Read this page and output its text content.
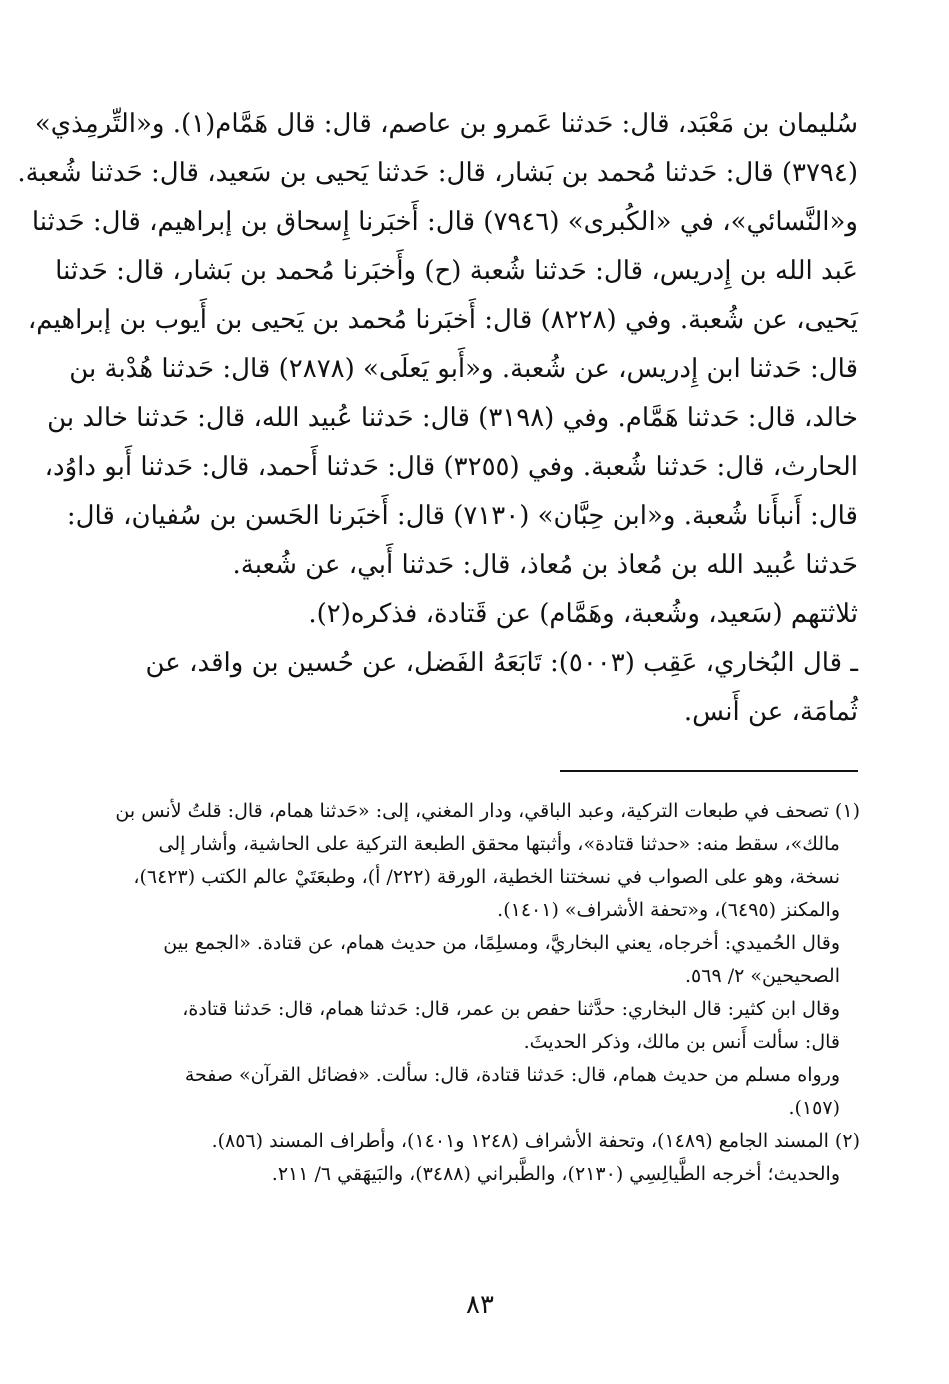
سُليمان بن مَعْبَد، قال: حَدثنا عَمرو بن عاصم، قال: قال هَمَّام(١). و«التِّرمِذي»
(٣٧٩٤) قال: حَدثنا مُحمد بن بَشار، قال: حَدثنا يَحيى بن سَعيد، قال: حَدثنا شُعبة.
و«النَّسائي»، في «الكُبرى» (٧٩٤٦) قال: أَخبَرنا إِسحاق بن إبراهيم، قال: حَدثنا
عَبد الله بن إِدريس، قال: حَدثنا شُعبة (ح) وأَخبَرنا مُحمد بن بَشار، قال: حَدثنا
يَحيى، عن شُعبة. وفي (٨٢٢٨) قال: أَخبَرنا مُحمد بن يَحيى بن أَيوب بن إبراهيم،
قال: حَدثنا ابن إِدريس، عن شُعبة. و«أَبو يَعلَى» (٢٨٧٨) قال: حَدثنا هُدْبة بن
خالد، قال: حَدثنا هَمَّام. وفي (٣١٩٨) قال: حَدثنا عُبيد الله، قال: حَدثنا خالد بن
الحارث، قال: حَدثنا شُعبة. وفي (٣٢٥٥) قال: حَدثنا أَحمد، قال: حَدثنا أَبو داوُد،
قال: أَنبأَنا شُعبة. و«ابن حِبَّان» (٧١٣٠) قال: أَخبَرنا الحَسن بن سُفيان، قال:
حَدثنا عُبيد الله بن مُعاذ بن مُعاذ، قال: حَدثنا أَبي، عن شُعبة.
ثلاثتهم (سَعيد، وشُعبة، وهَمَّام) عن قَتادة، فذكره(٢).
ـ قال البُخاري، عَقِب (٥٠٠٣): تَابَعَهُ الفَضل، عن حُسين بن واقد، عن
ثُمامَة، عن أَنس.
(١) تصحف في طبعات التركية، وعبد الباقي، ودار المغني، إلى: «حَدثنا همام، قال: قلتُ لأنس بن
مالك»، سقط منه: «حدثنا قتادة»، وأثبتها محقق الطبعة التركية على الحاشية، وأشار إلى
نسخة، وهو على الصواب في نسختنا الخطية، الورقة (٢٢٢/ أ)، وطبعَتَيْ عالم الكتب (٦٤٢٣)،
والمكنز (٦٤٩٥)، و«تحفة الأشراف» (١٤٠١).
وقال الحُميدي: أخرجاه، يعني البخاريَّ، ومسلِمًا، من حديث همام، عن قتادة. «الجمع بين
الصحيحين» ٢/ ٥٦٩.
وقال ابن كثير: قال البخاري: حدَّثنا حفص بن عمر، قال: حَدثنا همام، قال: حَدثنا قتادة،
قال: سألت أَنس بن مالك، وذكر الحديثَ.
ورواه مسلم من حديث همام، قال: حَدثنا قتادة، قال: سألت. «فضائل القرآن» صفحة
(١٥٧).
(٢) المسند الجامع (١٤٨٩)، وتحفة الأشراف (١٢٤٨ و١٤٠١)، وأطراف المسند (٨٥٦).
والحديث؛ أخرجه الطَّيالِسِي (٢١٣٠)، والطَّبراني (٣٤٨٨)، والبَيهَقي ٦/ ٢١١.
٨٣
